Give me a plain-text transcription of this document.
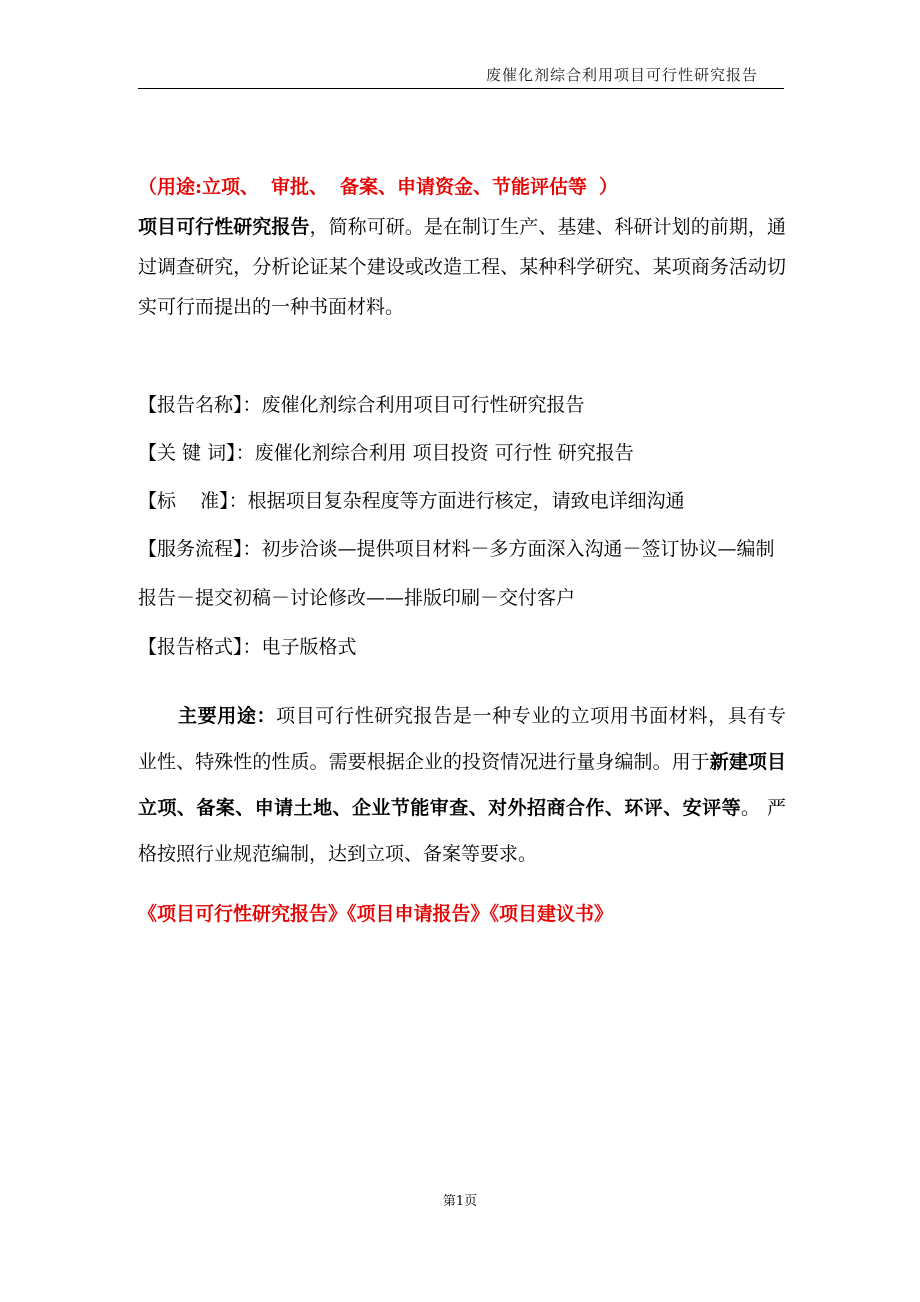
废催化剂综合利用项目可行性研究报告

（用途:立项、 审批、 备案、申请资金、节能评估等 ）

项目可行性研究报告，简称可研。是在制订生产、基建、科研计划的前期，通过调查研究，分析论证某个建设或改造工程、某种科学研究、某项商务活动切实可行而提出的一种书面材料。

【报告名称】：废催化剂综合利用项目可行性研究报告

【关 键 词】：废催化剂综合利用 项目投资 可行性 研究报告

【标    准】：根据项目复杂程度等方面进行核定，请致电详细沟通

【服务流程】：初步洽谈—提供项目材料－多方面深入沟通－签订协议—编制报告－提交初稿－讨论修改——排版印刷－交付客户

【报告格式】：电子版格式

主要用途：项目可行性研究报告是一种专业的立项用书面材料，具有专业性、特殊性的性质。需要根据企业的投资情况进行量身编制。用于新建项目立项、备案、申请土地、企业节能审查、对外招商合作、环评、安评等。 严格按照行业规范编制，达到立项、备案等要求。

《项目可行性研究报告》《项目申请报告》《项目建议书》

第1页
